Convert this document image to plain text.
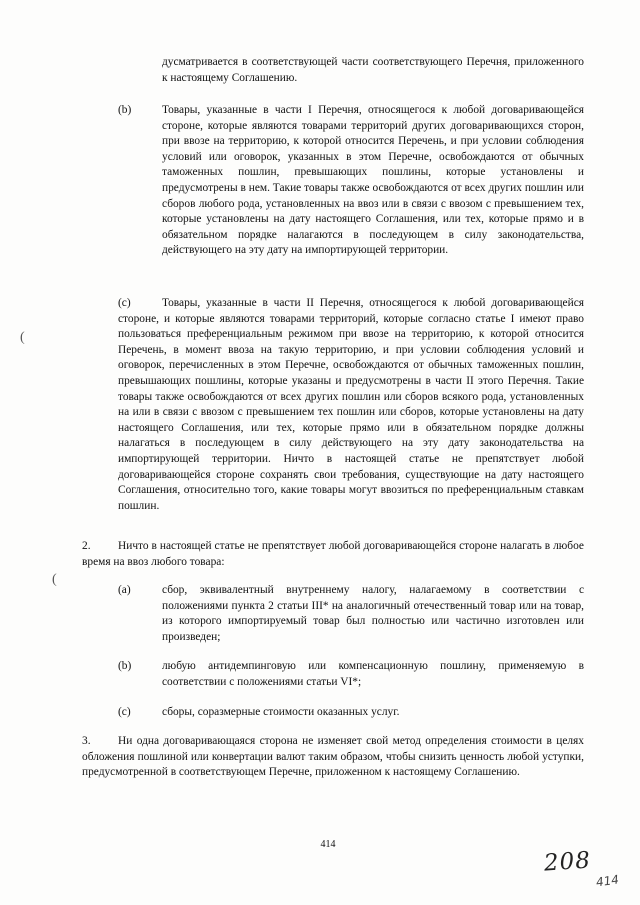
дусматривается в соответствующей части соответствующего Перечня, приложенного к настоящему Соглашению.
(b)	Товары, указанные в части I Перечня, относящегося к любой договаривающейся стороне, которые являются товарами территорий других договаривающихся сторон, при ввозе на территорию, к которой относится Перечень, и при условии соблюдения условий или оговорок, указанных в этом Перечне, освобождаются от обычных таможенных пошлин, превышающих пошлины, которые установлены и предусмотрены в нем. Такие товары также освобождаются от всех других пошлин или сборов любого рода, установленных на ввоз или в связи с ввозом с превышением тех, которые установлены на дату настоящего Соглашения, или тех, которые прямо и в обязательном порядке налагаются в последующем в силу законодательства, действующего на эту дату на импортирующей территории.
(с)	Товары, указанные в части II Перечня, относящегося к любой договаривающейся стороне, и которые являются товарами территорий, которые согласно статье I имеют право пользоваться преференциальным режимом при ввозе на территорию, к которой относится Перечень, в момент ввоза на такую территорию, и при условии соблюдения условий и оговорок, перечисленных в этом Перечне, освобождаются от обычных таможенных пошлин, превышающих пошлины, которые указаны и предусмотрены в части II этого Перечня. Такие товары также освобождаются от всех других пошлин или сборов всякого рода, установленных на или в связи с ввозом с превышением тех пошлин или сборов, которые установлены на дату настоящего Соглашения, или тех, которые прямо или в обязательном порядке должны налагаться в последующем в силу действующего на эту дату законодательства на импортирующей территории. Ничто в настоящей статье не препятствует любой договаривающейся стороне сохранять свои требования, существующие на дату настоящего Соглашения, относительно того, какие товары могут ввозиться по преференциальным ставкам пошлин.
(
(
2.	Ничто в настоящей статье не препятствует любой договаривающейся стороне налагать в любое время на ввоз любого товара:
(a)	сбор, эквивалентный внутреннему налогу, налагаемому в соответствии с положениями пункта 2 статьи III* на аналогичный отечественный товар или на товар, из которого импортируемый товар был полностью или частично изготовлен или произведен;
(b)	любую антидемпинговую или компенсационную пошлину, применяемую в соответствии с положениями статьи VI*;
(с)	сборы, соразмерные стоимости оказанных услуг.
3.	Ни одна договаривающаяся сторона не изменяет свой метод определения стоимости в целях обложения пошлиной или конвертации валют таким образом, чтобы снизить ценность любой уступки, предусмотренной в соответствующем Перечне, приложенном к настоящему Соглашению.
414
208
414
